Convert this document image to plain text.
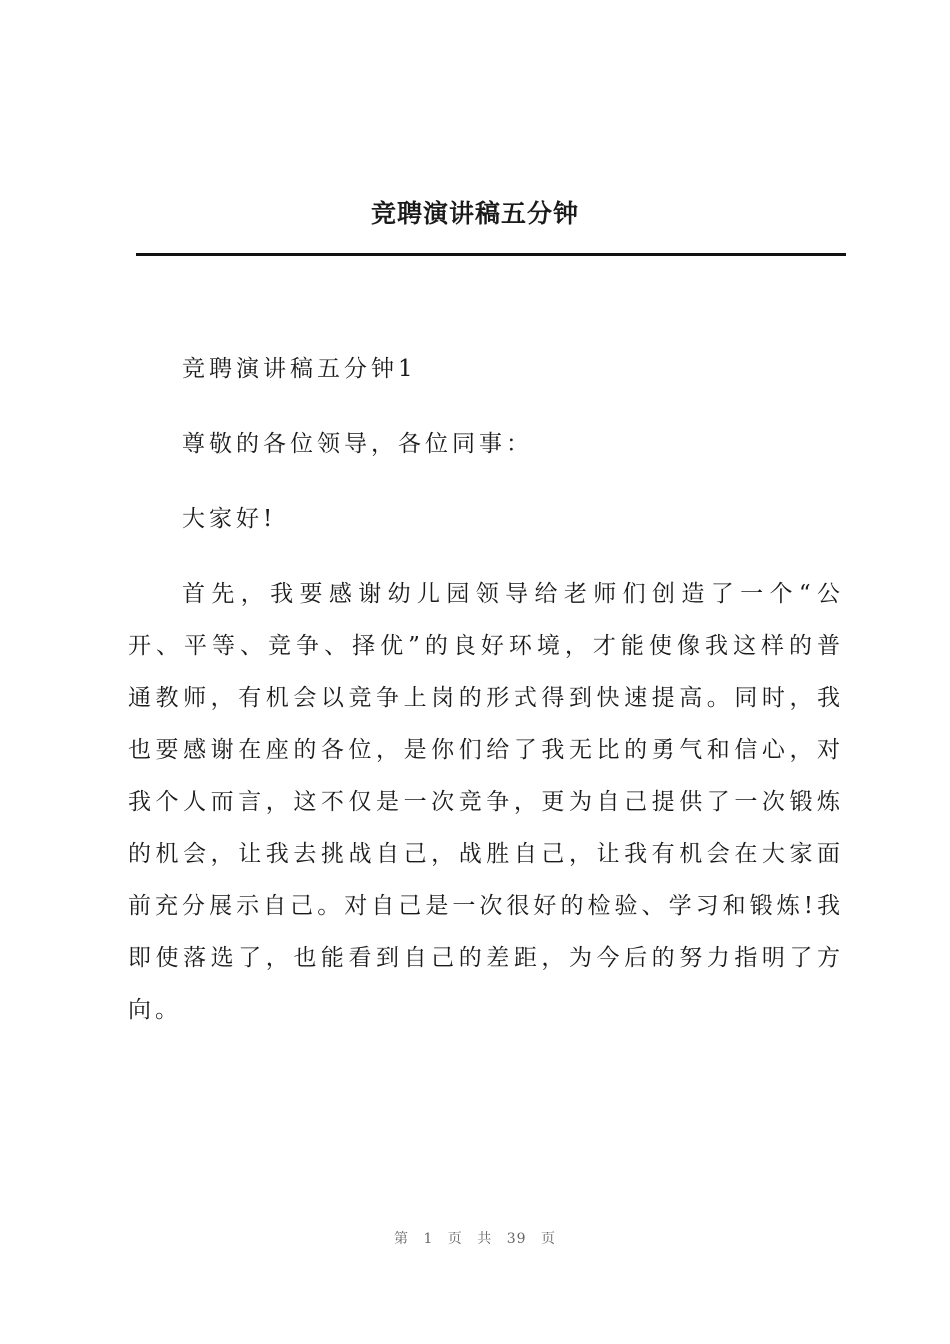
竞聘演讲稿五分钟

竞聘演讲稿五分钟1

尊敬的各位领导，各位同事：

大家好!

首先，我要感谢幼儿园领导给老师们创造了一个“公开、平等、竞争、择优”的良好环境，才能使像我这样的普通教师，有机会以竞争上岗的形式得到快速提高。同时，我也要感谢在座的各位，是你们给了我无比的勇气和信心，对我个人而言，这不仅是一次竞争，更为自己提供了一次锻炼的机会，让我去挑战自己，战胜自己，让我有机会在大家面前充分展示自己。对自己是一次很好的检验、学习和锻炼!我即使落选了，也能看到自己的差距，为今后的努力指明了方向。

第 1 页 共 39 页
